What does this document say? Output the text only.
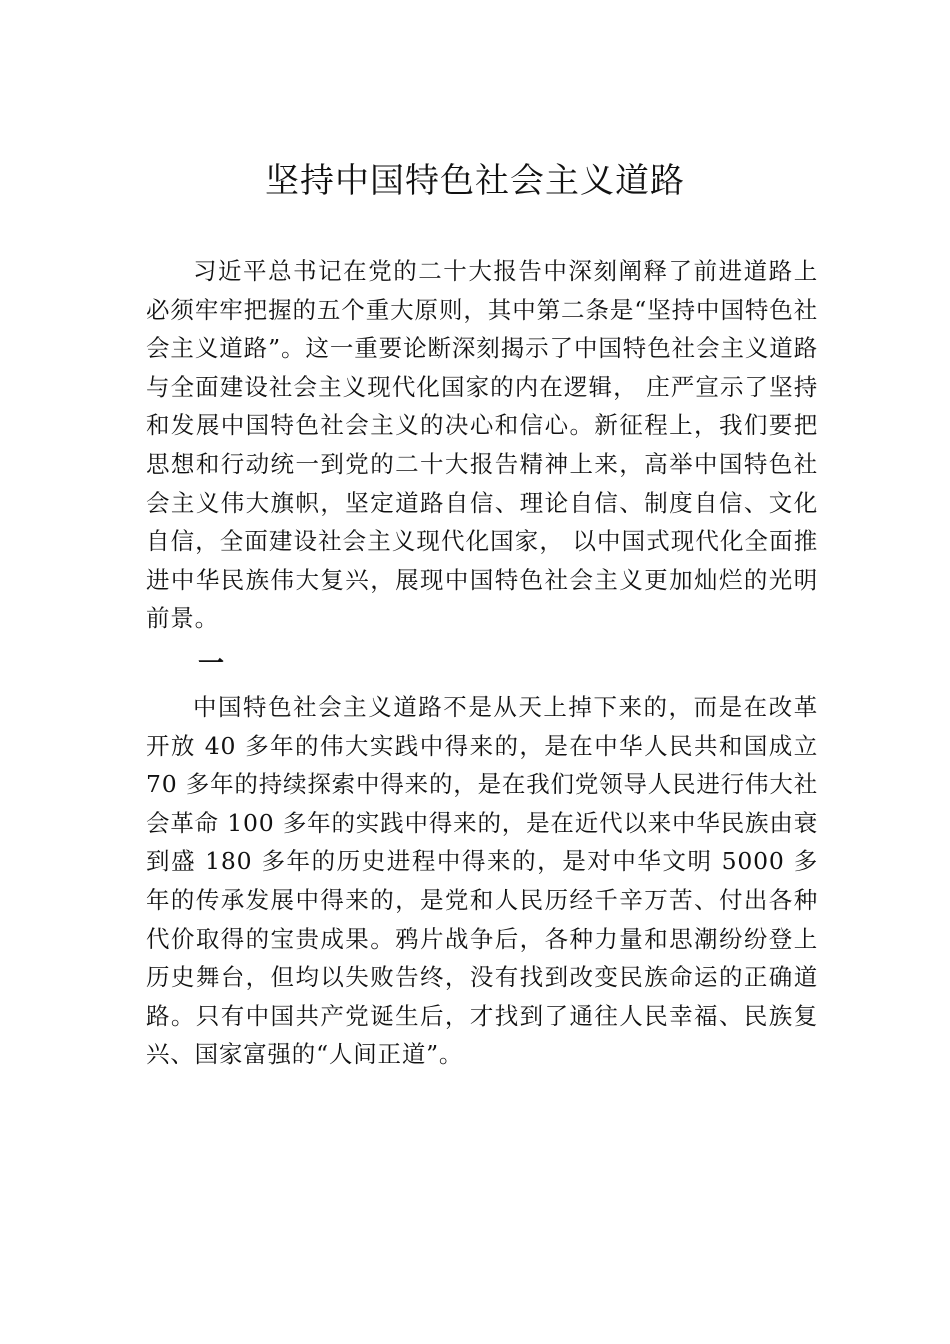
坚持中国特色社会主义道路

习近平总书记在党的二十大报告中深刻阐释了前进道路上必须牢牢把握的五个重大原则，其中第二条是“坚持中国特色社会主义道路”。这一重要论断深刻揭示了中国特色社会主义道路与全面建设社会主义现代化国家的内在逻辑， 庄严宣示了坚持和发展中国特色社会主义的决心和信心。新征程上，我们要把思想和行动统一到党的二十大报告精神上来，高举中国特色社会主义伟大旗帜，坚定道路自信、理论自信、制度自信、文化自信，全面建设社会主义现代化国家， 以中国式现代化全面推进中华民族伟大复兴，展现中国特色社会主义更加灿烂的光明前景。

一

中国特色社会主义道路不是从天上掉下来的，而是在改革开放 40 多年的伟大实践中得来的，是在中华人民共和国成立 70 多年的持续探索中得来的，是在我们党领导人民进行伟大社会革命 100 多年的实践中得来的，是在近代以来中华民族由衰到盛 180 多年的历史进程中得来的，是对中华文明 5000 多年的传承发展中得来的，是党和人民历经千辛万苦、付出各种代价取得的宝贵成果。鸦片战争后，各种力量和思潮纷纷登上历史舞台，但均以失败告终，没有找到改变民族命运的正确道路。只有中国共产党诞生后，才找到了通往人民幸福、民族复兴、国家富强的“人间正道”。
